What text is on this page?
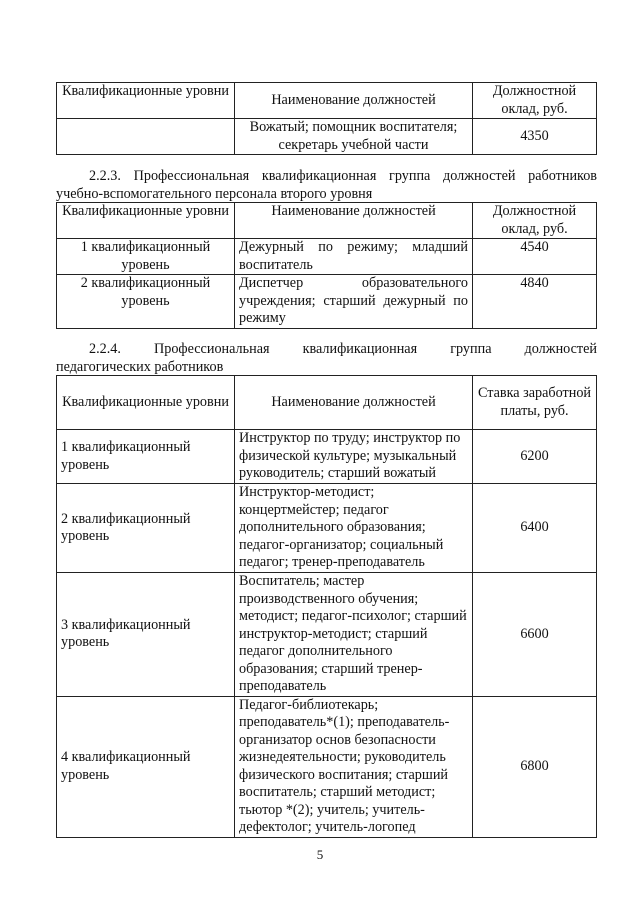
Квалификационные уровни	Наименование должностей	Должностной оклад, руб.
	Вожатый; помощник воспитателя; секретарь учебной части	4350
2.2.3. Профессиональная квалификационная группа должностей работников
учебно-вспомогательного персонала второго уровня
Квалификационные уровни	Наименование должностей	Должностной оклад, руб.
1 квалификационный уровень	Дежурный по режиму; младший воспитатель	4540
2 квалификационный уровень	Диспетчер образовательного учреждения; старший дежурный по режиму	4840
2.2.4. Профессиональная квалификационная группа должностей
педагогических работников
Квалификационные уровни	Наименование должностей	Ставка заработной платы, руб.
1 квалификационный уровень	Инструктор по труду; инструктор по физической культуре; музыкальный руководитель; старший вожатый	6200
2 квалификационный уровень	Инструктор-методист; концертмейстер; педагог дополнительного образования; педагог-организатор; социальный педагог; тренер-преподаватель	6400
3 квалификационный уровень	Воспитатель; мастер производственного обучения; методист; педагог-психолог; старший инструктор-методист; старший педагог дополнительного образования; старший тренер-преподаватель	6600
4 квалификационный уровень	Педагог-библиотекарь; преподаватель*(1); преподаватель-организатор основ безопасности жизнедеятельности; руководитель физического воспитания; старший воспитатель; старший методист; тьютор *(2); учитель; учитель-дефектолог; учитель-логопед	6800
5
